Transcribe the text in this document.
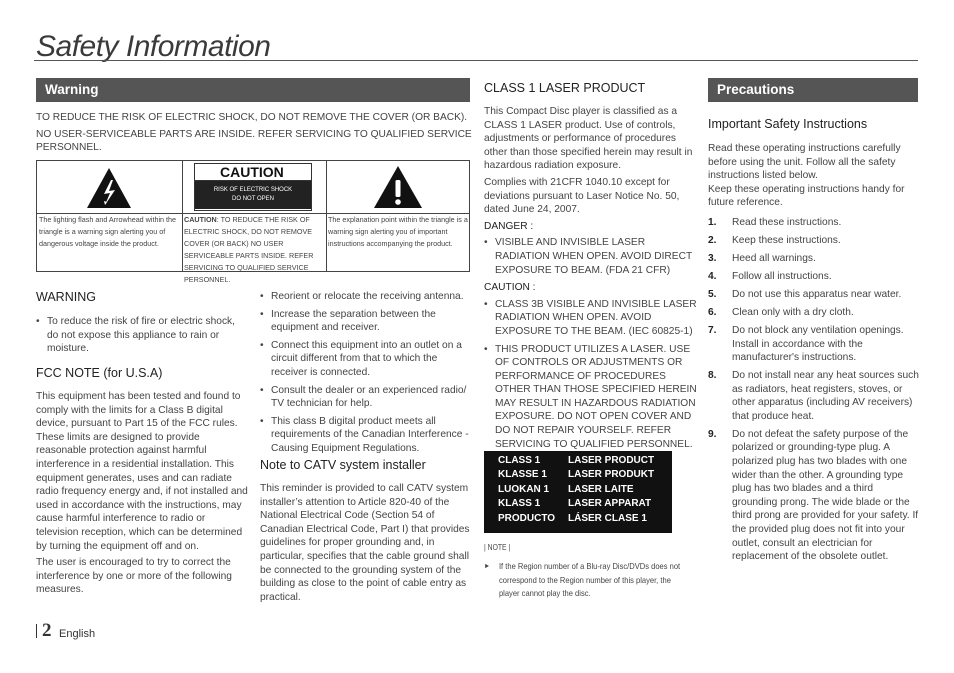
Safety Information
Warning

TO REDUCE THE RISK OF ELECTRIC SHOCK, DO NOT REMOVE THE COVER (OR BACK).

NO USER-SERVICEABLE PARTS ARE INSIDE. REFER SERVICING TO QUALIFIED SERVICE PERSONNEL.

CAUTION
RISK OF ELECTRIC SHOCK
DO NOT OPEN
The lighting flash and Arrowhead within the triangle is a warning sign alerting you of dangerous voltage inside the product.
CAUTION: TO REDUCE THE RISK OF ELECTRIC SHOCK, DO NOT REMOVE COVER (OR BACK) NO USER SERVICEABLE PARTS INSIDE. REFER SERVICING TO QUALIFIED SERVICE PERSONNEL.
The explanation point within the triangle is a warning sign alerting you of important instructions accompanying the product.
WARNING
• To reduce the risk of fire or electric shock, do not expose this appliance to rain or moisture.
FCC NOTE (for U.S.A)

This equipment has been tested and found to comply with the limits for a Class B digital device, pursuant to Part 15 of the FCC rules. These limits are designed to provide reasonable protection against harmful interference in a residential installation. This equipment generates, uses and can radiate radio frequency energy and, if not installed and used in accordance with the instructions, may cause harmful interference to radio or television reception, which can be determined by turning the equipment off and on.

The user is encouraged to try to correct the interference by one or more of the following measures.

• Reorient or relocate the receiving antenna.
• Increase the separation between the equipment and receiver.
• Connect this equipment into an outlet on a circuit different from that to which the receiver is connected.
• Consult the dealer or an experienced radio/ TV technician for help.
• This class B digital product meets all requirements of the Canadian Interference - Causing Equipment Regulations.
Note to CATV system installer
This reminder is provided to call CATV system installer’s attention to Article 820-40 of the National Electrical Code (Section 54 of Canadian Electrical Code, Part I) that provides guidelines for proper grounding and, in particular, specifies that the cable ground shall be connected to the grounding system of the building as close to the point of cable entry as practical.
CLASS 1 LASER PRODUCT

This Compact Disc player is classified as a CLASS 1 LASER product. Use of controls, adjustments or performance of procedures other than those specified herein may result in hazardous radiation exposure.

Complies with 21CFR 1040.10 except for deviations pursuant to Laser Notice No. 50, dated June 24, 2007.

DANGER :

• VISIBLE AND INVISIBLE LASER RADIATION WHEN OPEN. AVOID DIRECT EXPOSURE TO BEAM. (FDA 21 CFR)

CAUTION :

• CLASS 3B VISIBLE AND INVISIBLE LASER RADIATION WHEN OPEN. AVOID EXPOSURE TO THE BEAM. (IEC 60825-1)
• THIS PRODUCT UTILIZES A LASER. USE OF CONTROLS OR ADJUSTMENTS OR PERFORMANCE OF PROCEDURES OTHER THAN THOSE SPECIFIED HEREIN MAY RESULT IN HAZARDOUS RADIATION EXPOSURE. DO NOT OPEN COVER AND DO NOT REPAIR YOURSELF. REFER SERVICING TO QUALIFIED PERSONNEL.
CLASS 1	LASER PRODUCT
KLASSE 1 LASER PRODUKT
LUOKAN 1 LASER LAITE
KLASS 1	LASER APPARAT
PRODUCTO LÁSER CLASE 1
| NOTE |
►	If the Region number of a Blu-ray Disc/DVDs does not correspond to the Region number of this player, the player cannot play the disc.
Precautions
Important Safety Instructions

Read these operating instructions carefully before using the unit. Follow all the safety instructions listed below.

Keep these operating instructions handy for future reference.

1. Read these instructions.
2. Keep these instructions.
3. Heed all warnings.
4. Follow all instructions.
5. Do not use this apparatus near water.
6. Clean only with a dry cloth.
7. Do not block any ventilation openings. Install in accordance with the manufacturer's instructions.
8. Do not install near any heat sources such as radiators, heat registers, stoves, or other apparatus (including AV receivers) that produce heat.
9. Do not defeat the safety purpose of the polarized or grounding-type plug. A polarized plug has two blades with one wider than the other. A grounding type plug has two blades and a third grounding prong. The wide blade or the third prong are provided for your safety. If the provided plug does not fit into your outlet, consult an electrician for replacement of the obsolete outlet.
2 English
